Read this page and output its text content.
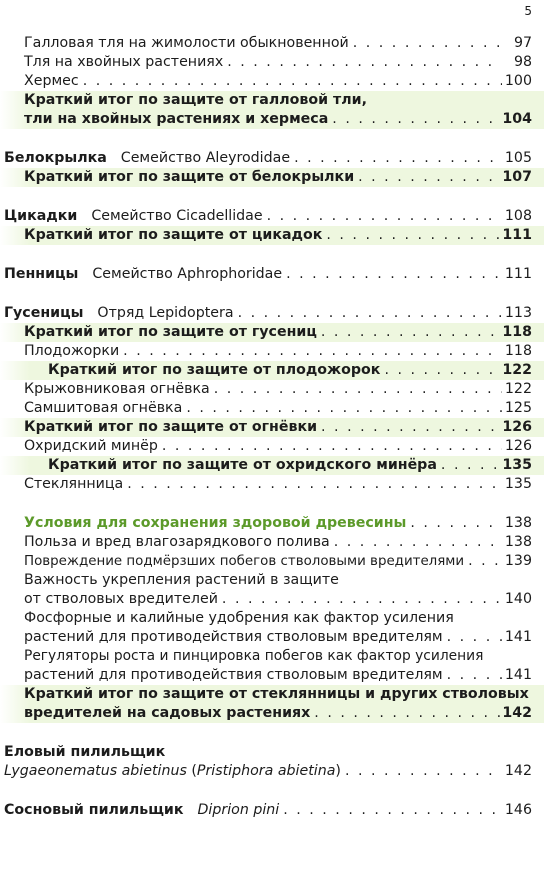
5
Галловая тля на жимолости обыкновенной . . .	97
Тля на хвойных растениях . . .	98
Хермес . . .	100
Краткий итог по защите от галловой тли,
тли на хвойных растениях и хермеса . . .	104
Белокрылка Семейство Aleyrodidae . . .	105
Краткий итог по защите от белокрылки . . .	107
Цикадки Семейство Cicadellidae . . .	108
Краткий итог по защите от цикадок . . .	111
Пенницы Семейство Aphrophoridae . . .	111
Гусеницы Отряд Lepidoptera . . .	113
Краткий итог по защите от гусениц . . .	118
Плодожорки . . .	118
Краткий итог по защите от плодожорок . . .	122
Крыжовниковая огнёвка . . .	122
Самшитовая огнёвка . . .	125
Краткий итог по защите от огнёвки . . .	126
Охридский минёр . . .	126
Краткий итог по защите от охридского минёра . . .	135
Стеклянница . . .	135
Условия для сохранения здоровой древесины . . .	138
Польза и вред влагозарядкового полива . . .	138
Повреждение подмёрзших побегов стволовыми вредителями . . .	139
Важность укрепления растений в защите
от стволовых вредителей . . .	140
Фосфорные и калийные удобрения как фактор усиления
растений для противодействия стволовым вредителям . . .	141
Регуляторы роста и пинцировка побегов как фактор усиления
растений для противодействия стволовым вредителям . . .	141
Краткий итог по защите от стеклянницы и других стволовых
вредителей на садовых растениях . . .	142
Еловый пилильщик
Lygaeonematus abietinus ( Pristiphora abietina ) . . .	142
Сосновый пилильщик Diprion pini . . .	146
